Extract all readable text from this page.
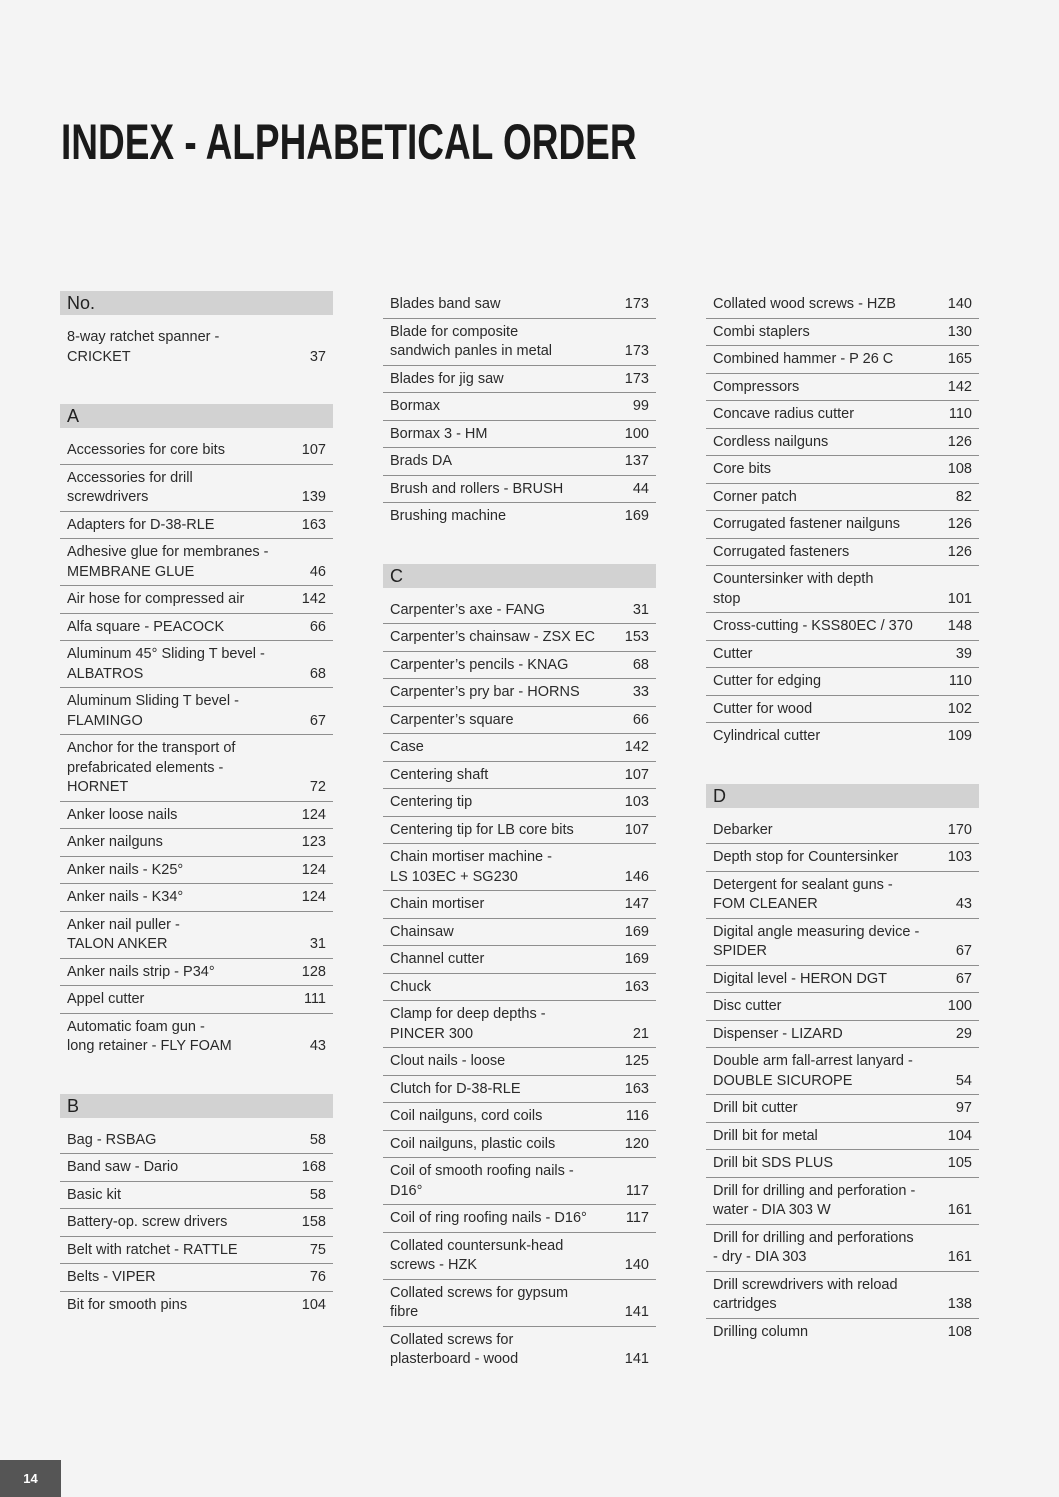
INDEX - ALPHABETICAL ORDER
No.
8-way ratchet spanner -
CRICKET	37
A
Accessories for core bits	107
Accessories for drill
screwdrivers	139
Adapters for D-38-RLE	163
Adhesive glue for membranes -
MEMBRANE GLUE	46
Air hose for compressed air	142
Alfa square - PEACOCK	66
Aluminum 45° Sliding T bevel -
ALBATROS	68
Aluminum Sliding T bevel -
FLAMINGO	67
Anchor for the transport of
prefabricated elements -
HORNET	72
Anker loose nails	124
Anker nailguns	123
Anker nails - K25°	124
Anker nails - K34°	124
Anker nail puller -
TALON ANKER	31
Anker nails strip - P34°	128
Appel cutter	111
Automatic foam gun -
long retainer - FLY FOAM	43
B
Bag - RSBAG	58
Band saw - Dario	168
Basic kit	58
Battery-op. screw drivers	158
Belt with ratchet - RATTLE	75
Belts - VIPER	76
Bit for smooth pins	104
Blades band saw	173
Blade for composite
sandwich panles in metal	173
Blades for jig saw	173
Bormax	99
Bormax 3 - HM	100
Brads DA	137
Brush and rollers - BRUSH	44
Brushing machine	169
C
Carpenter’s axe - FANG	31
Carpenter’s chainsaw - ZSX EC	153
Carpenter’s pencils - KNAG	68
Carpenter’s pry bar - HORNS	33
Carpenter’s square	66
Case	142
Centering shaft	107
Centering tip	103
Centering tip for LB core bits	107
Chain mortiser machine -
LS 103EC + SG230	146
Chain mortiser	147
Chainsaw	169
Channel cutter	169
Chuck	163
Clamp for deep depths -
PINCER 300	21
Clout nails - loose	125
Clutch for D-38-RLE	163
Coil nailguns, cord coils	116
Coil nailguns, plastic coils	120
Coil of smooth roofing nails -
D16°	117
Coil of ring roofing nails - D16°	117
Collated countersunk-head
screws - HZK	140
Collated screws for gypsum
fibre	141
Collated screws for
plasterboard - wood	141
Collated wood screws - HZB	140
Combi staplers	130
Combined hammer - P 26 C	165
Compressors	142
Concave radius cutter	110
Cordless nailguns	126
Core bits	108
Corner patch	82
Corrugated fastener nailguns	126
Corrugated fasteners	126
Countersinker with depth
stop	101
Cross-cutting - KSS80EC / 370	148
Cutter	39
Cutter for edging	110
Cutter for wood	102
Cylindrical cutter	109
D
Debarker	170
Depth stop for Countersinker	103
Detergent for sealant guns -
FOM CLEANER	43
Digital angle measuring device -
SPIDER	67
Digital level - HERON DGT	67
Disc cutter	100
Dispenser - LIZARD	29
Double arm fall-arrest lanyard -
DOUBLE SICUROPE	54
Drill bit cutter	97
Drill bit for metal	104
Drill bit SDS PLUS	105
Drill for drilling and perforation -
water - DIA 303 W	161
Drill for drilling and perforations
- dry - DIA 303	161
Drill screwdrivers with reload
cartridges	138
Drilling column	108
14
